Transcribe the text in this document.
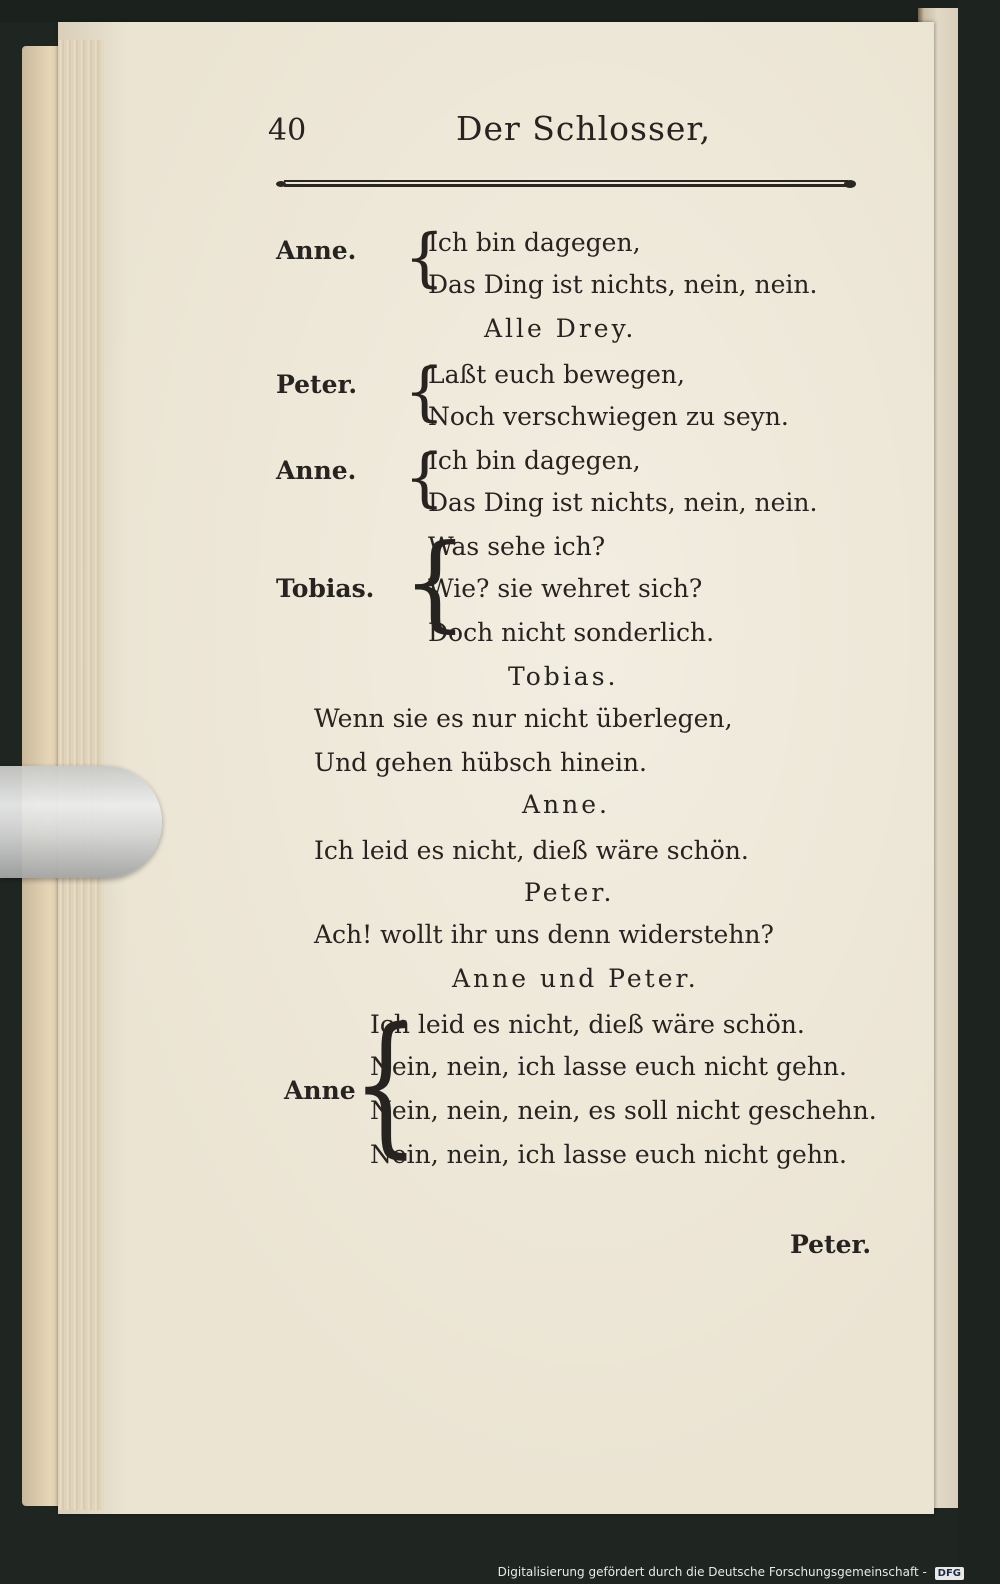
40	Der Schlosser,
Anne. {
Ich bin dagegen,
Das Ding ist nichts, nein, nein.
Alle Drey.
Peter. {
Laßt euch bewegen,
Noch verschwiegen zu seyn.
Anne. {
Ich bin dagegen,
Das Ding ist nichts, nein, nein.
Tobias. {
Was sehe ich?
Wie? sie wehret sich?
Doch nicht sonderlich.
Tobias.
Wenn sie es nur nicht überlegen,
Und gehen hübsch hinein.
Anne.
Ich leid es nicht, dieß wäre schön.
Peter.
Ach! wollt ihr uns denn widerstehn?
Anne und Peter.
Anne
{
Ich leid es nicht, dieß wäre schön.
Nein, nein, ich lasse euch nicht gehn.
Nein, nein, nein, es soll nicht geschehn.
Nein, nein, ich lasse euch nicht gehn.
Peter.
Digitalisierung gefördert durch die Deutsche Forschungsgemeinschaft - DFG
